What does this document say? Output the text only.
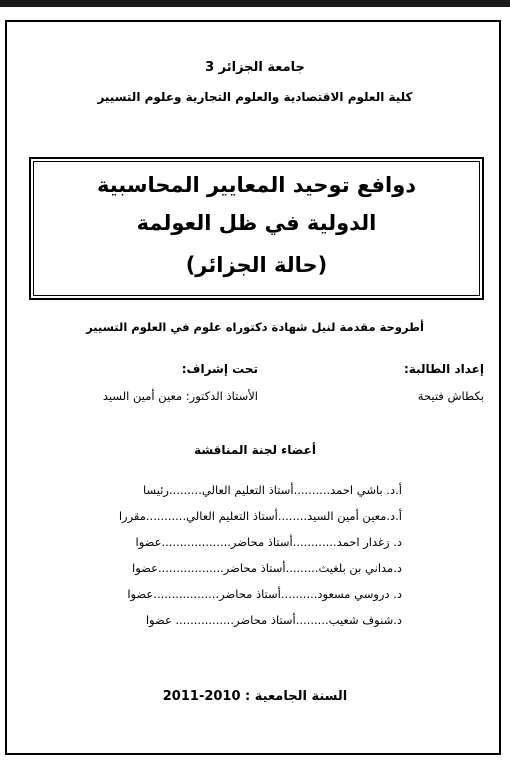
جامعة الجزائر 3
كلية العلوم الاقتصادية والعلوم التجارية وعلوم التسيير
دوافع توحيد المعايير المحاسبية
الدولية في ظل العولمة
(حالة الجزائر)
أطروحة مقدمة لنيل شهادة دكتوراه علوم في العلوم التسيير
إعداد الطالبة:
بكطاش فتيحة
تحت إشراف:
الأستاذ الدكتور: معين أمين السيد
أعضاء لجنة المناقشة
أ.د. باشي احمد..........أستاذ التعليم العالي.........رئيسا
أ.د.معين أمين السيد........أستاذ التعليم العالي...........مقررا
د. زغدار احمد............أستاذ محاضر...................عضوا
د.مداني بن بلغيث.........أستاذ محاضر..................عضوا
د. دروسي مسعود..........أستاذ محاضر..................عضوا
د.شنوف شعيب.........أستاذ محاضر................ عضوا
السنة الجامعية : 2010-2011
